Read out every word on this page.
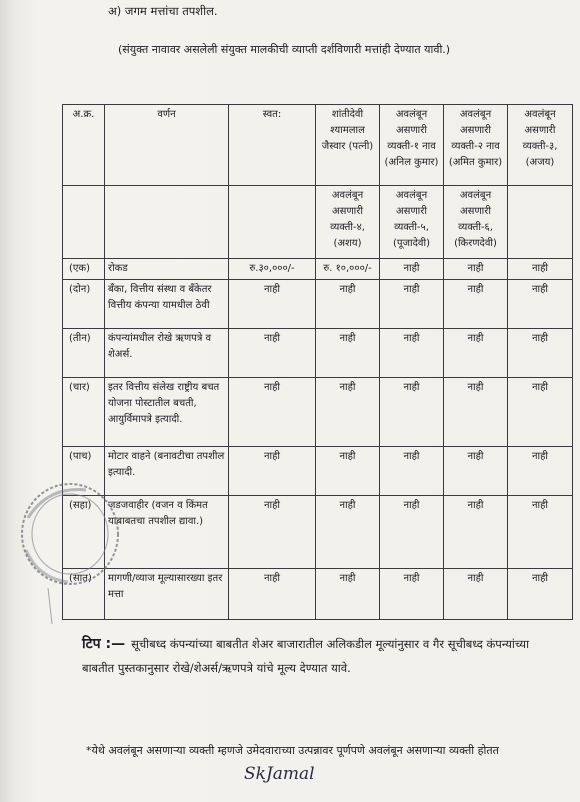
अ) जगम मत्तांचा तपशील.
(संयुक्त नावावर असलेली संयुक्त मालकीची व्याप्ती दर्शविणारी मत्तांही देण्यात यावी.)
अ.क्र.	वर्णन	स्वत:	शांतीदेवी श्यामलाल जैस्वार (पत्नी)	अवलंबून असणारी व्यक्ती-१ नाव (अनिल कुमार)	अवलंबून असणारी व्यक्ती-२ नाव (अमित कुमार)	अवलंबून असणारी व्यक्ती-३, (अजय)
			अवलंबून असणारी व्यक्ती-४, (अशय)	अवलंबून असणारी व्यक्ती-५, (पूजादेवी)	अवलंबून असणारी व्यक्ती-६, (किरणदेवी)	
(एक)	रोकड	रु.३०,०००/-	रु. १०,०००/-	नाही	नाही	नाही
(दोन)	बँका, वित्तीय संस्था व बँकेतर वित्तीय कंपन्या यामधील ठेवी	नाही	नाही	नाही	नाही	नाही
(तीन)	कंपन्यांमधील रोखे ऋणपत्रे व शेअर्स.	नाही	नाही	नाही	नाही	नाही
(चार)	इतर वित्तीय संलेख राष्ट्रीय बचत योजना पोस्टातील बचती, आयुर्विमापत्रे इत्यादी.	नाही	नाही	नाही	नाही	नाही
(पाच)	मोटार वाहने (बनावटीचा तपशील इत्यादी.	नाही	नाही	नाही	नाही	नाही
(सहा)	जडजवाहीर (वजन व किंमत याबाबतचा तपशील द्यावा.)	नाही	नाही	नाही	नाही	नाही
(सात)	मागणी/व्याज मूल्यासारख्या इतर मत्ता	नाही	नाही	नाही	नाही	नाही
टिप :— सूचीबध्द कंपन्यांच्या बाबतीत शेअर बाजारातील अलिकडील मूल्यांनुसार व गैर सूचीबध्द कंपन्यांच्या बाबतीत पुस्तकानुसार रोखे/शेअर्स/ऋणपत्रे यांचे मूल्य देण्यात यावे.
*येथे अवलंबून असणाऱ्या व्यक्ती म्हणजे उमेदवाराच्या उत्पन्नावर पूर्णपणे अवलंबून असणाऱ्या व्यक्ती होतत
SkJamal
